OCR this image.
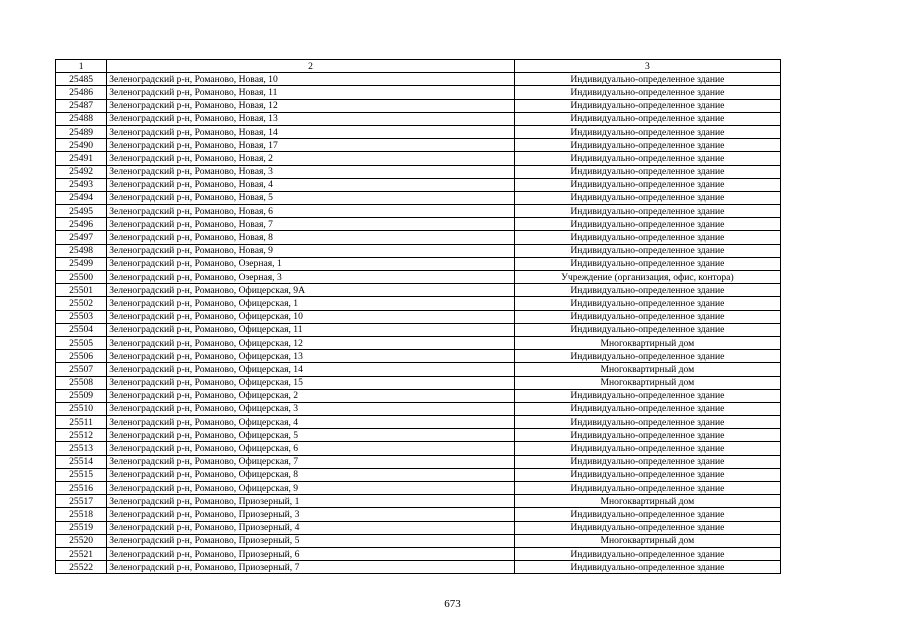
1	2	3
25485	Зеленоградский р-н, Романово, Новая, 10	Индивидуально-определенное здание
25486	Зеленоградский р-н, Романово, Новая, 11	Индивидуально-определенное здание
25487	Зеленоградский р-н, Романово, Новая, 12	Индивидуально-определенное здание
25488	Зеленоградский р-н, Романово, Новая, 13	Индивидуально-определенное здание
25489	Зеленоградский р-н, Романово, Новая, 14	Индивидуально-определенное здание
25490	Зеленоградский р-н, Романово, Новая, 17	Индивидуально-определенное здание
25491	Зеленоградский р-н, Романово, Новая, 2	Индивидуально-определенное здание
25492	Зеленоградский р-н, Романово, Новая, 3	Индивидуально-определенное здание
25493	Зеленоградский р-н, Романово, Новая, 4	Индивидуально-определенное здание
25494	Зеленоградский р-н, Романово, Новая, 5	Индивидуально-определенное здание
25495	Зеленоградский р-н, Романово, Новая, 6	Индивидуально-определенное здание
25496	Зеленоградский р-н, Романово, Новая, 7	Индивидуально-определенное здание
25497	Зеленоградский р-н, Романово, Новая, 8	Индивидуально-определенное здание
25498	Зеленоградский р-н, Романово, Новая, 9	Индивидуально-определенное здание
25499	Зеленоградский р-н, Романово, Озерная, 1	Индивидуально-определенное здание
25500	Зеленоградский р-н, Романово, Озерная, 3	Учреждение (организация, офис, контора)
25501	Зеленоградский р-н, Романово, Офицерская, 9А	Индивидуально-определенное здание
25502	Зеленоградский р-н, Романово, Офицерская, 1	Индивидуально-определенное здание
25503	Зеленоградский р-н, Романово, Офицерская, 10	Индивидуально-определенное здание
25504	Зеленоградский р-н, Романово, Офицерская, 11	Индивидуально-определенное здание
25505	Зеленоградский р-н, Романово, Офицерская, 12	Многоквартирный дом
25506	Зеленоградский р-н, Романово, Офицерская, 13	Индивидуально-определенное здание
25507	Зеленоградский р-н, Романово, Офицерская, 14	Многоквартирный дом
25508	Зеленоградский р-н, Романово, Офицерская, 15	Многоквартирный дом
25509	Зеленоградский р-н, Романово, Офицерская, 2	Индивидуально-определенное здание
25510	Зеленоградский р-н, Романово, Офицерская, 3	Индивидуально-определенное здание
25511	Зеленоградский р-н, Романово, Офицерская, 4	Индивидуально-определенное здание
25512	Зеленоградский р-н, Романово, Офицерская, 5	Индивидуально-определенное здание
25513	Зеленоградский р-н, Романово, Офицерская, 6	Индивидуально-определенное здание
25514	Зеленоградский р-н, Романово, Офицерская, 7	Индивидуально-определенное здание
25515	Зеленоградский р-н, Романово, Офицерская, 8	Индивидуально-определенное здание
25516	Зеленоградский р-н, Романово, Офицерская, 9	Индивидуально-определенное здание
25517	Зеленоградский р-н, Романово, Приозерный, 1	Многоквартирный дом
25518	Зеленоградский р-н, Романово, Приозерный, 3	Индивидуально-определенное здание
25519	Зеленоградский р-н, Романово, Приозерный, 4	Индивидуально-определенное здание
25520	Зеленоградский р-н, Романово, Приозерный, 5	Многоквартирный дом
25521	Зеленоградский р-н, Романово, Приозерный, 6	Индивидуально-определенное здание
25522	Зеленоградский р-н, Романово, Приозерный, 7	Индивидуально-определенное здание
673
